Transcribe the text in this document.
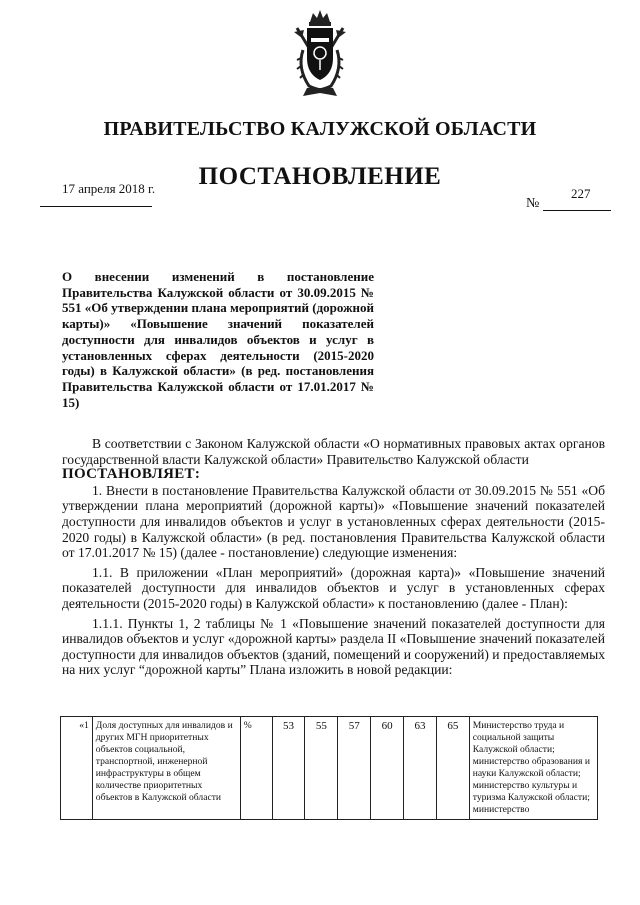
ПРАВИТЕЛЬСТВО КАЛУЖСКОЙ ОБЛАСТИ
ПОСТАНОВЛЕНИЕ
17 апреля 2018 г.
№
227
О внесении изменений в постановление Правительства Калужской области от 30.09.2015 № 551 «Об утверждении плана мероприятий (дорожной карты)» «Повышение значений показателей доступности для инвалидов объектов и услуг в установленных сферах деятельности (2015-2020 годы) в Калужской области» (в ред. постановления Правительства Калужской области от 17.01.2017 № 15)

В соответствии с Законом Калужской области «О нормативных правовых актах органов государственной власти Калужской области» Правительство Калужской области

ПОСТАНОВЛЯЕТ:

1. Внести в постановление Правительства Калужской области от 30.09.2015 № 551 «Об утверждении плана мероприятий (дорожной карты)» «Повышение значений показателей доступности для инвалидов объектов и услуг в установленных сферах деятельности (2015-2020 годы) в Калужской области» (в ред. постановления Правительства Калужской области от 17.01.2017 № 15) (далее - постановление) следующие изменения:

1.1. В приложении «План мероприятий» (дорожная карта)» «Повышение значений показателей доступности для инвалидов объектов и услуг в установленных сферах деятельности (2015-2020 годы) в Калужской области» к постановлению (далее - План):

1.1.1. Пункты 1, 2 таблицы № 1 «Повышение значений показателей доступности для инвалидов объектов и услуг «дорожной карты» раздела II «Повышение значений показателей доступности для инвалидов объектов (зданий, помещений и сооружений) и предоставляемых на них услуг “дорожной карты” Плана изложить в новой редакции:

«1	Доля доступных для инвалидов и других МГН приоритетных объектов социальной, транспортной, инженерной инфраструктуры в общем количестве приоритетных объектов в Калужской области	%	53	55	57	60	63	65	Министерство труда и социальной защиты Калужской области; министерство образования и науки Калужской области; министерство культуры и туризма Калужской области; министерство
